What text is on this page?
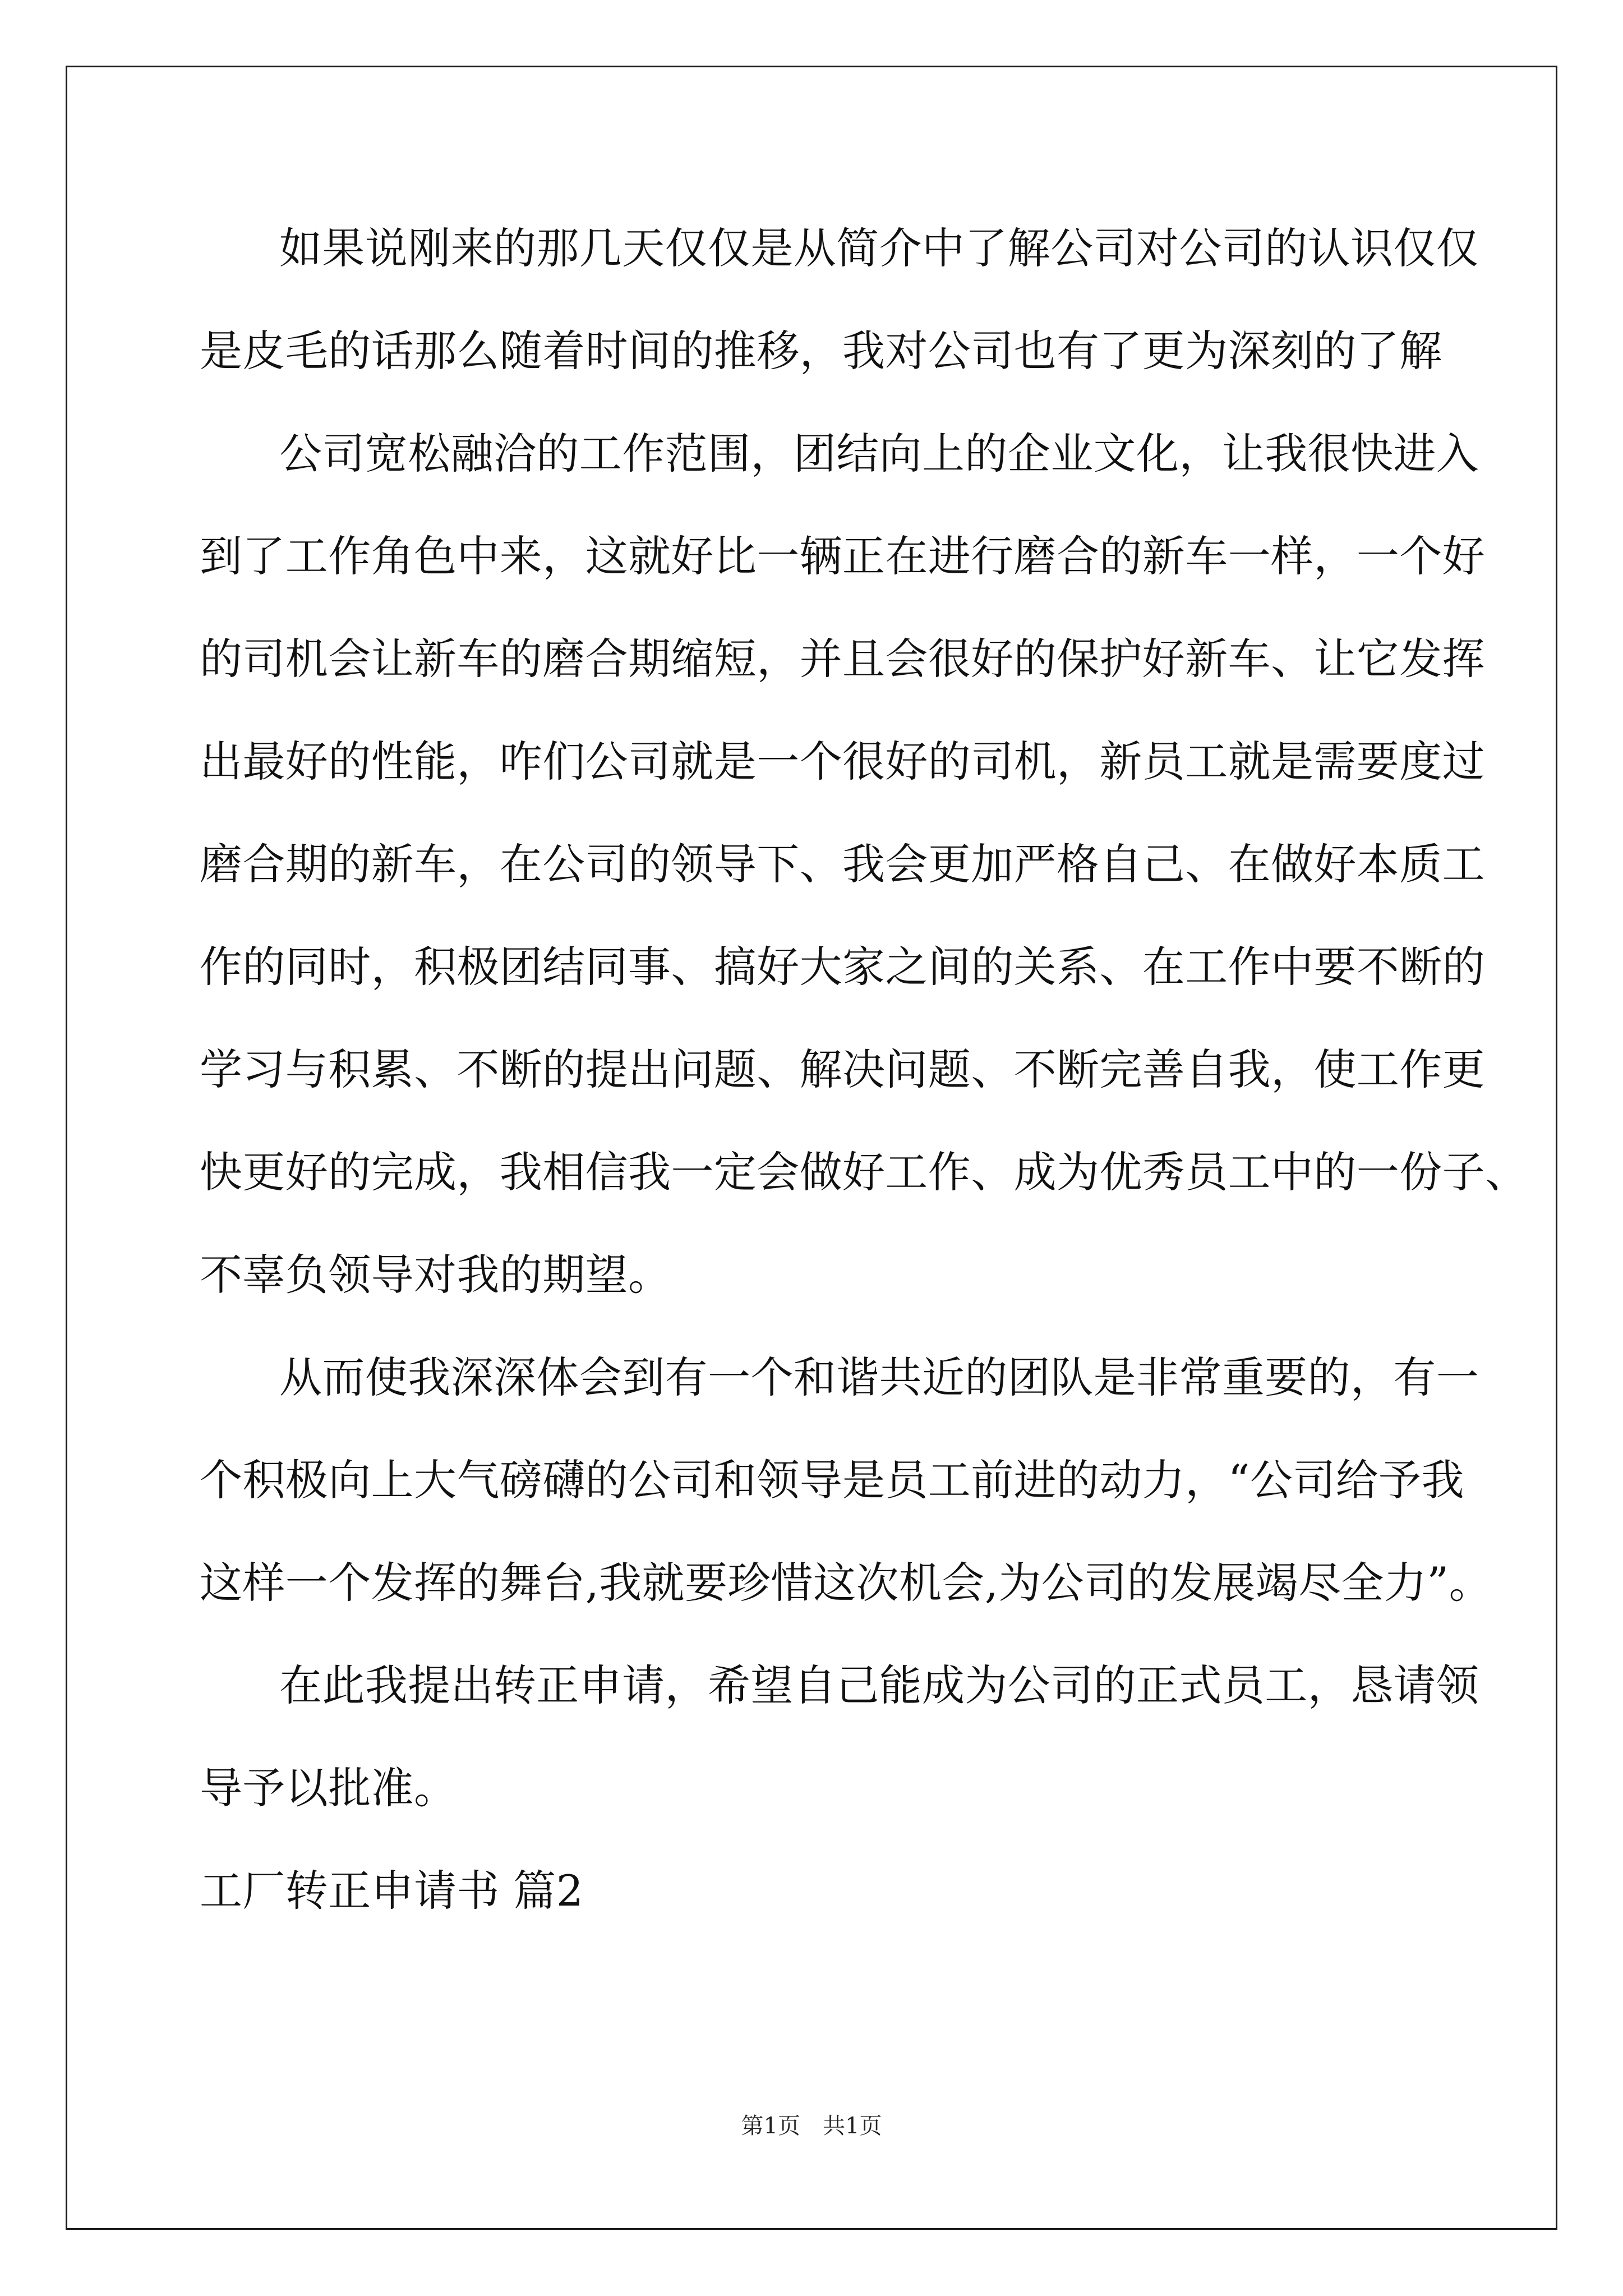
如果说刚来的那几天仅仅是从简介中了解公司对公司的认识仅仅
是皮毛的话那么随着时间的推移，我对公司也有了更为深刻的了解
公司宽松融洽的工作范围，团结向上的企业文化，让我很快进入
到了工作角色中来，这就好比一辆正在进行磨合的新车一样，一个好
的司机会让新车的磨合期缩短，并且会很好的保护好新车、让它发挥
出最好的性能，咋们公司就是一个很好的司机，新员工就是需要度过
磨合期的新车，在公司的领导下、我会更加严格自己、在做好本质工
作的同时，积极团结同事、搞好大家之间的关系、在工作中要不断的
学习与积累、不断的提出问题、解决问题、不断完善自我，使工作更
快更好的完成，我相信我一定会做好工作、成为优秀员工中的一份子、
不辜负领导对我的期望。
从而使我深深体会到有一个和谐共近的团队是非常重要的，有一
个积极向上大气磅礴的公司和领导是员工前进的动力，“公司给予我
这样一个发挥的舞台,我就要珍惜这次机会,为公司的发展竭尽全力”。
在此我提出转正申请，希望自己能成为公司的正式员工，恳请领
导予以批准。
工厂转正申请书 篇2
第1页　共1页
